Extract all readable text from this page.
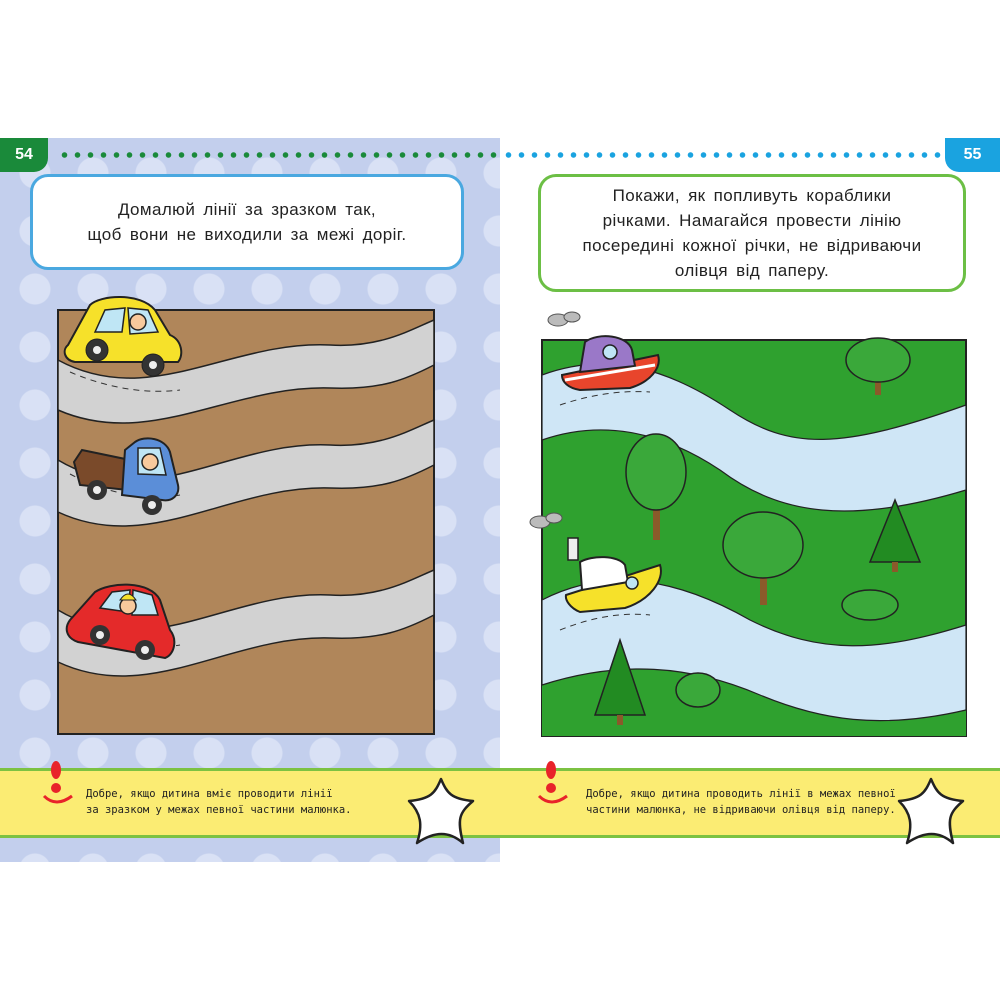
54	55
Домалюй лінії за зразком так,
щоб вони не виходили за межі доріг.
Покажи, як попливуть кораблики
річками. Намагайся провести лінію
посередині кожної річки, не відриваючи
олівця від паперу.
Добре, якщо дитина вміє проводити лінії
за зразком у межах певної частини малюнка.
Добре, якщо дитина проводить лінії в межах певної
частини малюнка, не відриваючи олівця від паперу.
